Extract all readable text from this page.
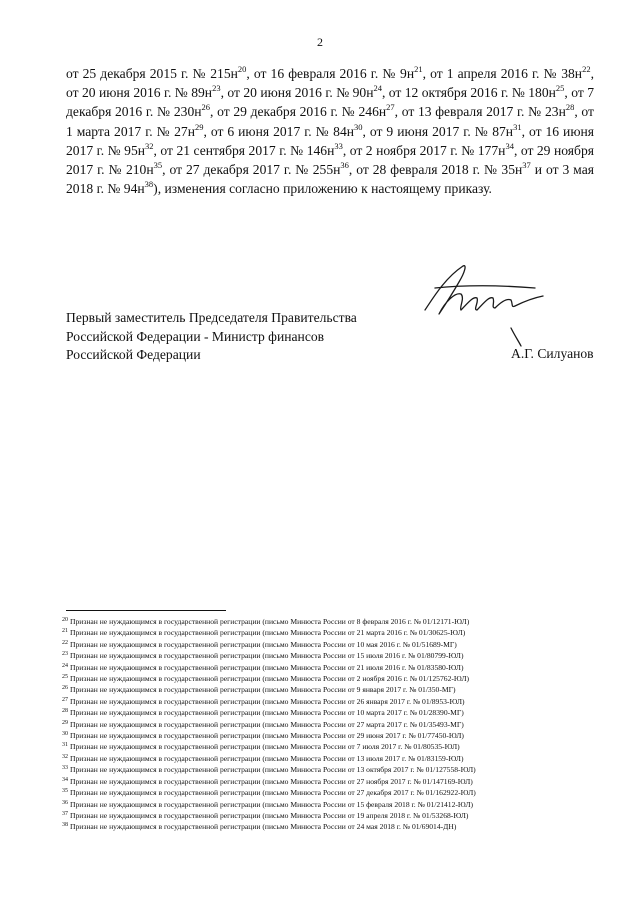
2
от 25 декабря 2015 г. № $215н^{20}$, от 16 февраля 2016 г. № $9н^{21}$, от 1 апреля 2016 г. № $38н^{22}$, от 20 июня 2016 г. № $89н^{23}$, от 20 июня 2016 г. № $90н^{24}$, от 12 октября 2016 г. № $180н^{25}$, от 7 декабря 2016 г. № $230н^{26}$, от 29 декабря 2016 г. № $246н^{27}$, от 13 февраля 2017 г. № $23н^{28}$, от 1 марта 2017 г. № $27н^{29}$, от 6 июня 2017 г. № $84н^{30}$, от 9 июня 2017 г. № $87н^{31}$, от 16 июня 2017 г. № $95н^{32}$, от 21 сентября 2017 г. № $146н^{33}$, от 2 ноября 2017 г. № $177н^{34}$, от 29 ноября 2017 г. № $210н^{35}$, от 27 декабря 2017 г. № $255н^{36}$, от 28 февраля 2018 г. № $35н^{37}$ и от 3 мая 2018 г. № $94н^{38}$), изменения согласно приложению к настоящему приказу.
Первый заместитель Председателя Правительства
Российской Федерации - Министр финансов
Российской Федерации	А.Г. Силуанов
$^{20}$ Признан не нуждающимся в государственной регистрации (письмо Минюста России от 8 февраля 2016 г. № 01/12171-ЮЛ)
$^{21}$ Признан не нуждающимся в государственной регистрации (письмо Минюста России от 21 марта 2016 г. № 01/30625-ЮЛ)
$^{22}$ Признан не нуждающимся в государственной регистрации (письмо Минюста России от 10 мая 2016 г. № 01/51689-МГ)
$^{23}$ Признан не нуждающимся в государственной регистрации (письмо Минюста России от 15 июля 2016 г. № 01/80799-ЮЛ)
$^{24}$ Признан не нуждающимся в государственной регистрации (письмо Минюста России от 21 июля 2016 г. № 01/83580-ЮЛ)
$^{25}$ Признан не нуждающимся в государственной регистрации (письмо Минюста России от 2 ноября 2016 г. № 01/125762-ЮЛ)
$^{26}$ Признан не нуждающимся в государственной регистрации (письмо Минюста России от 9 января 2017 г. № 01/350-МГ)
$^{27}$ Признан не нуждающимся в государственной регистрации (письмо Минюста России от 26 января 2017 г. № 01/8953-ЮЛ)
$^{28}$ Признан не нуждающимся в государственной регистрации (письмо Минюста России от 10 марта 2017 г. № 01/28390-МГ)
$^{29}$ Признан не нуждающимся в государственной регистрации (письмо Минюста России от 27 марта 2017 г. № 01/35493-МГ)
$^{30}$ Признан не нуждающимся в государственной регистрации (письмо Минюста России от 29 июня 2017 г. № 01/77450-ЮЛ)
$^{31}$ Признан не нуждающимся в государственной регистрации (письмо Минюста России от 7 июля 2017 г. № 01/80535-ЮЛ)
$^{32}$ Признан не нуждающимся в государственной регистрации (письмо Минюста России от 13 июля 2017 г. № 01/83159-ЮЛ)
$^{33}$ Признан не нуждающимся в государственной регистрации (письмо Минюста России от 13 октября 2017 г. № 01/127558-ЮЛ)
$^{34}$ Признан не нуждающимся в государственной регистрации (письмо Минюста России от 27 ноября 2017 г. № 01/147169-ЮЛ)
$^{35}$ Признан не нуждающимся в государственной регистрации (письмо Минюста России от 27 декабря 2017 г. № 01/162922-ЮЛ)
$^{36}$ Признан не нуждающимся в государственной регистрации (письмо Минюста России от 15 февраля 2018 г. № 01/21412-ЮЛ)
$^{37}$ Признан не нуждающимся в государственной регистрации (письмо Минюста России от 19 апреля 2018 г. № 01/53268-ЮЛ)
$^{38}$ Признан не нуждающимся в государственной регистрации (письмо Минюста России от 24 мая 2018 г. № 01/69014-ДН)
